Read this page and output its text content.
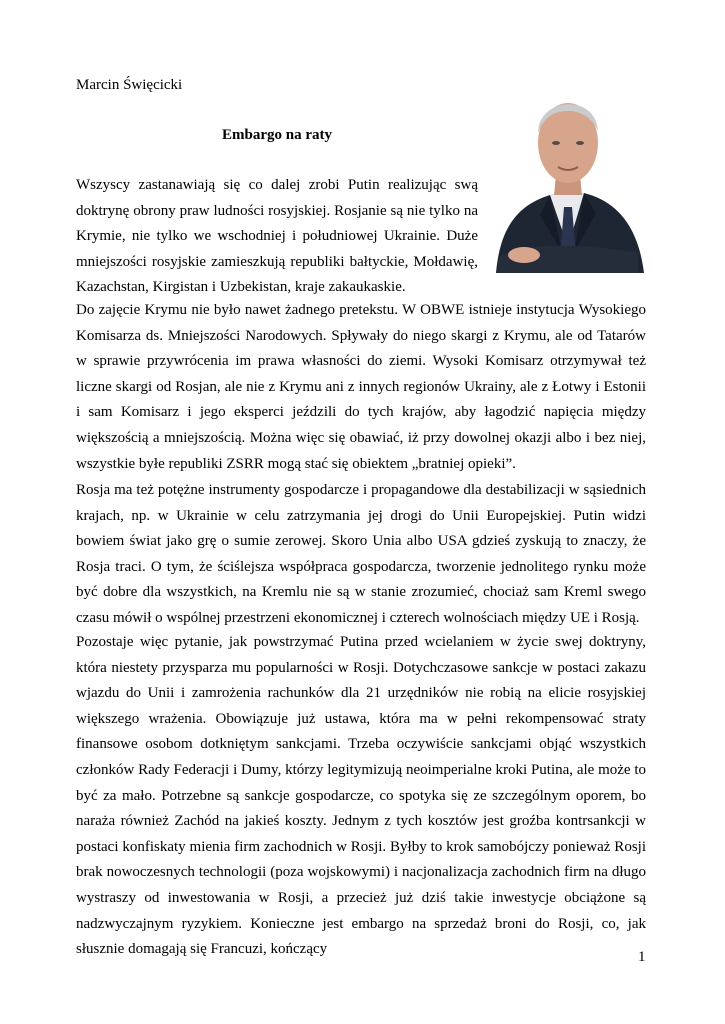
Marcin Święcicki
Embargo na raty

Wszyscy zastanawiają się co dalej zrobi Putin realizując swą doktrynę obrony praw ludności rosyjskiej. Rosjanie są nie tylko na Krymie, nie tylko we wschodniej i południowej Ukrainie. Duże mniejszości rosyjskie zamieszkują republiki bałtyckie, Mołdawię, Kazachstan, Kirgistan i Uzbekistan, kraje zakaukaskie.

Do zajęcie Krymu nie było nawet żadnego pretekstu. W OBWE istnieje instytucja Wysokiego Komisarza ds. Mniejszości Narodowych. Spływały do niego skargi z Krymu, ale od Tatarów w sprawie przywrócenia im prawa własności do ziemi. Wysoki Komisarz otrzymywał też liczne skargi od Rosjan, ale nie z Krymu ani z innych regionów Ukrainy, ale z Łotwy i Estonii i sam Komisarz i jego eksperci jeździli do tych krajów, aby łagodzić napięcia między większością a mniejszością. Można więc się obawiać, iż przy dowolnej okazji albo i bez niej, wszystkie byłe republiki ZSRR mogą stać się obiektem „bratniej opieki”.

Rosja ma też potężne instrumenty gospodarcze i propagandowe dla destabilizacji w sąsiednich krajach, np. w Ukrainie w celu zatrzymania jej drogi do Unii Europejskiej. Putin widzi bowiem świat jako grę o sumie zerowej. Skoro Unia albo USA gdzieś zyskują to znaczy, że Rosja traci. O tym, że ściślejsza współpraca gospodarcza, tworzenie jednolitego rynku może być dobre dla wszystkich, na Kremlu nie są w stanie zrozumieć, chociaż sam Kreml swego czasu mówił o wspólnej przestrzeni ekonomicznej i czterech wolnościach między UE i Rosją.

Pozostaje więc pytanie, jak powstrzymać Putina przed wcielaniem w życie swej doktryny, która niestety przysparza mu popularności w Rosji. Dotychczasowe sankcje w postaci zakazu wjazdu do Unii i zamrożenia rachunków dla 21 urzędników nie robią na elicie rosyjskiej większego wrażenia. Obowiązuje już ustawa, która ma w pełni rekompensować straty finansowe osobom dotkniętym sankcjami. Trzeba oczywiście sankcjami objąć wszystkich członków Rady Federacji i Dumy, którzy legitymizują neoimperialne kroki Putina, ale może to być za mało. Potrzebne są sankcje gospodarcze, co spotyka się ze szczególnym oporem, bo naraża również Zachód na jakieś koszty. Jednym z tych kosztów jest groźba kontrsankcji w postaci konfiskaty mienia firm zachodnich w Rosji. Byłby to krok samobójczy ponieważ Rosji brak nowoczesnych technologii (poza wojskowymi) i nacjonalizacja zachodnich firm na długo wystraszy od inwestowania w Rosji, a przecież już dziś takie inwestycje obciążone są nadzwyczajnym ryzykiem. Konieczne jest embargo na sprzedaż broni do Rosji, co, jak słusznie domagają się Francuzi, kończący	1
